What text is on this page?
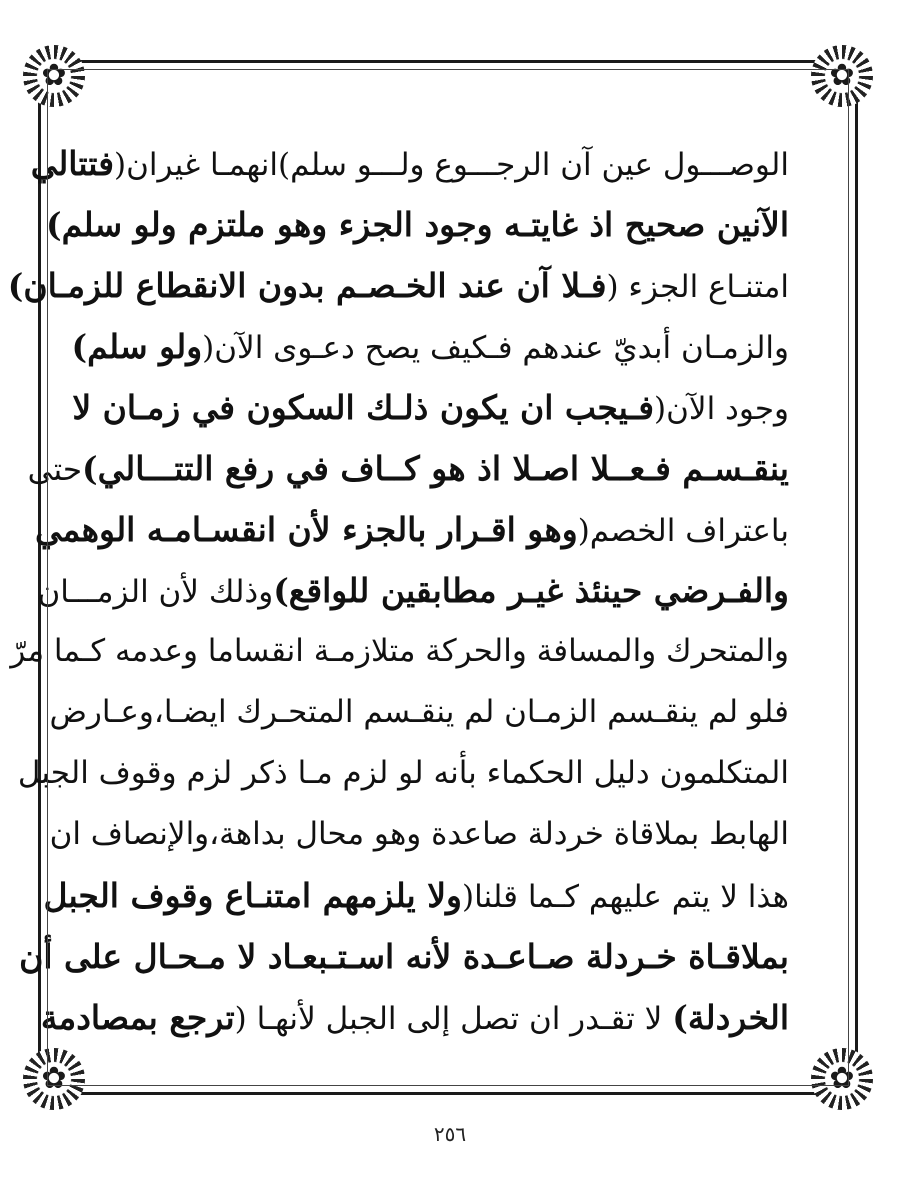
✿	✿
✿	✿
الوصـــول عين آن الرجـــوع ولـــو سلم)انهمـا غيران(فتتالي
الآنين صحيح اذ غايتـه وجود الجزء وهو ملتزم ولو سلم)
امتنـاع الجزء (فـلا آن عند الخـصـم بدون الانقطاع للزمـان)
والزمـان أبديّ عندهم فـكيف يصح دعـوى الآن(ولو سلم)
وجود الآن(فـيجب ان يكون ذلـك السكون في زمـان لا
ينقـسـم فـعــلا اصـلا اذ هو كــاف في رفع التتـــالي)حتى
باعتراف الخصم(وهو اقـرار بالجزء لأن انقسـامـه الوهمي
والفـرضي حينئذ غيـر مطابقين للواقع)وذلك لأن الزمـــان
والمتحرك والمسافة والحركة متلازمـة انقساما وعدمه كـما مرّ
فلو لم ينقـسم الزمـان لم ينقـسم المتحـرك ايضـا،وعـارض
المتكلمون دليل الحكماء بأنه لو لزم مـا ذكر لزم وقوف الجبل
الهابط بملاقاة خردلة صاعدة وهو محال بداهة،والإنصاف ان
هذا لا يتم عليهم كـما قلنا(ولا يلزمهم امتنـاع وقوف الجبل
بملاقـاة خـردلة صـاعـدة لأنه اسـتـبعـاد لا مـحـال على أن
الخردلة) لا تقـدر ان تصل إلى الجبل لأنهـا (ترجع بمصادمة
٢٥٦
